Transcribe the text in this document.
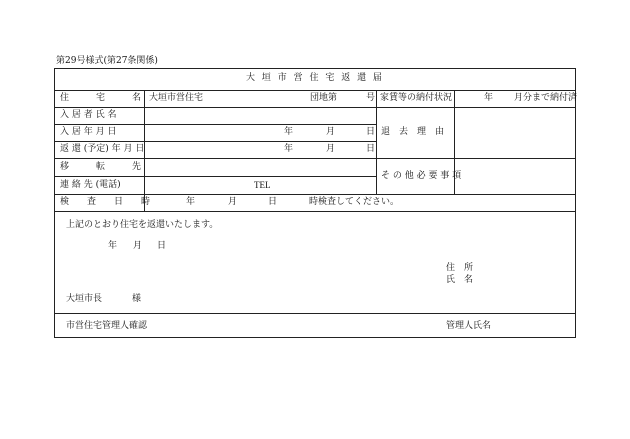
第29号様式(第27条関係)
大 垣 市 営 住 宅 返 還 届
住　　　宅　　　名 大垣市営住宅	団地第	号 家賃等の納付状況	年 月分まで納付済
入 居 者 氏 名
入 居 年 月 日	年	月	日 退　去　理　由
返 還 (予定) 年 月 日	年	月	日
移　　　転　　　先
そ の 他 必 要 事 項
連 絡 先 (電話)	TEL
検　　査　　日　　時	年	月	日	時検査してください。
上記のとおり住宅を返還いたします。
年 月 日
住　所
氏　名
大垣市長	様
市営住宅管理人確認	管理人氏名
